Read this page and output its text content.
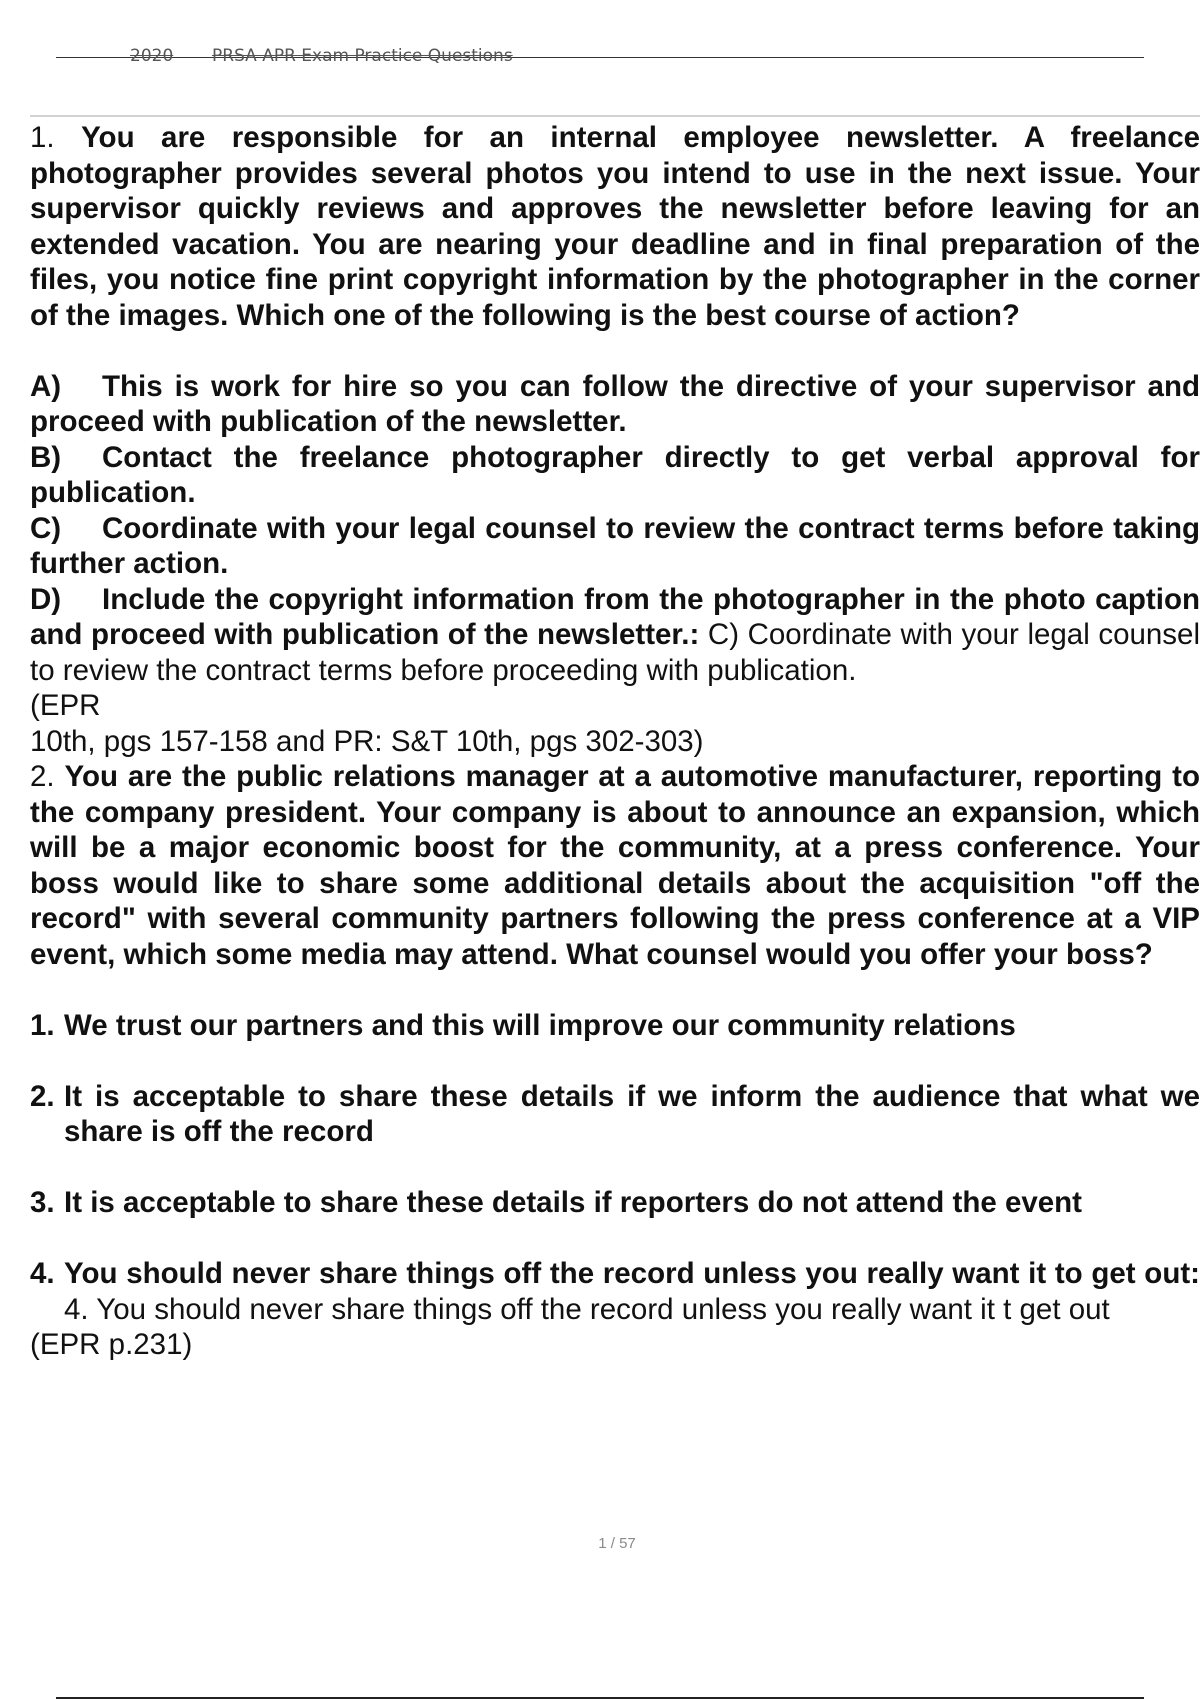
2020 PRSA APR Exam Practice Questions

1. You are responsible for an internal employee newsletter. A freelance photographer provides several photos you intend to use in the next issue. Your supervisor quickly reviews and approves the newsletter before leaving for an extended vacation. You are nearing your deadline and in final preparation of the files, you notice fine print copyright information by the photographer in the corner of the images. Which one of the following is the best course of action?

A) This is work for hire so you can follow the directive of your supervisor and proceed with publication of the newsletter.

B) Contact the freelance photographer directly to get verbal approval for publication.

C) Coordinate with your legal counsel to review the contract terms before taking further action.

D) Include the copyright information from the photographer in the photo caption and proceed with publication of the newsletter.: C) Coordinate with your legal counsel to review the contract terms before proceeding with publication.

(EPR

10th, pgs 157-158 and PR: S&T 10th, pgs 302-303)

2. You are the public relations manager at a automotive manufacturer, reporting to the company president. Your company is about to announce an expansion, which will be a major economic boost for the community, at a press conference. Your boss would like to share some additional details about the acquisition "off the record" with several community partners following the press conference at a VIP event, which some media may attend. What counsel would you offer your boss?

1. We trust our partners and this will improve our community relations
2. It is acceptable to share these details if we inform the audience that what we share is off the record
3. It is acceptable to share these details if reporters do not attend the event
4. You should never share things off the record unless you really want it to get out: 4. You should never share things off the record unless you really want it t get out

(EPR p.231)

1 / 57
